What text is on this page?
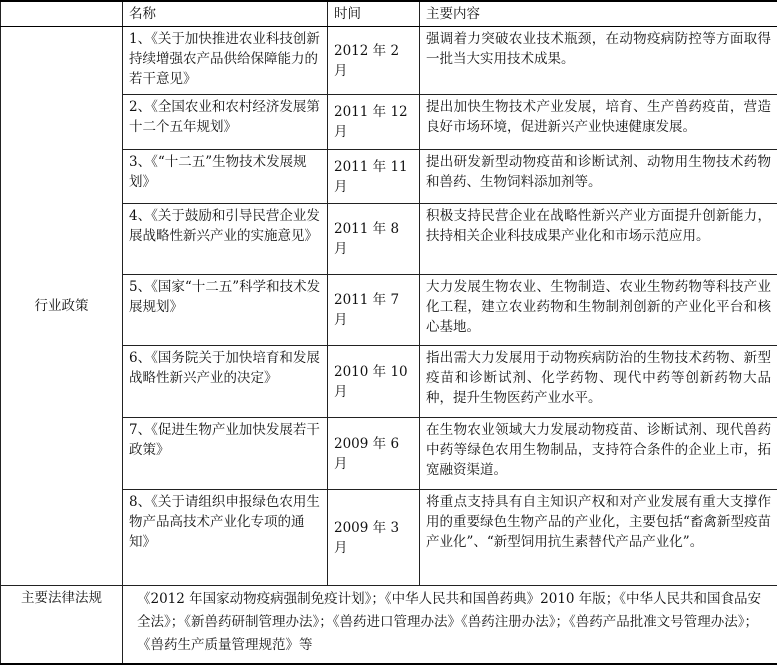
	名称	时间	主要内容
行业政策	1、《关于加快推进农业科技创新持续增强农产品供给保障能力的若干意见》	2012 年 2 月	强调着力突破农业技术瓶颈，在动物疫病防控等方面取得一批当大实用技术成果。
	2、《全国农业和农村经济发展第十二个五年规划》	2011 年 12 月	提出加快生物技术产业发展，培育、生产兽药疫苗，营造良好市场环境，促进新兴产业快速健康发展。
	3、《“十二五”生物技术发展规划》	2011 年 11 月	提出研发新型动物疫苗和诊断试剂、动物用生物技术药物和兽药、生物饲料添加剂等。
	4、《关于鼓励和引导民营企业发展战略性新兴产业的实施意见》	2011 年 8 月	积极支持民营企业在战略性新兴产业方面提升创新能力，扶持相关企业科技成果产业化和市场示范应用。
	5、《国家“十二五”科学和技术发展规划》	2011 年 7 月	大力发展生物农业、生物制造、农业生物药物等科技产业化工程，建立农业药物和生物制剂创新的产业化平台和核心基地。
	6、《国务院关于加快培育和发展战略性新兴产业的决定》	2010 年 10 月	指出需大力发展用于动物疾病防治的生物技术药物、新型疫苗和诊断试剂、化学药物、现代中药等创新药物大品种，提升生物医药产业水平。
	7、《促进生物产业加快发展若干政策》	2009 年 6 月	在生物农业领域大力发展动物疫苗、诊断试剂、现代兽药中药等绿色农用生物制品，支持符合条件的企业上市，拓宽融资渠道。
	8、《关于请组织申报绿色农用生物产品高技术产业化专项的通知》	2009 年 3 月	将重点支持具有自主知识产权和对产业发展有重大支撑作用的重要绿色生物产品的产业化，主要包括“畜禽新型疫苗产业化”、“新型饲用抗生素替代产品产业化”。
主要法律法规	《2012 年国家动物疫病强制免疫计划》；《中华人民共和国兽药典》2010 年版；《中华人民共和国食品安全法》；《新兽药研制管理办法》；《兽药进口管理办法》《兽药注册办法》；《兽药产品批准文号管理办法》；《兽药生产质量管理规范》等		
